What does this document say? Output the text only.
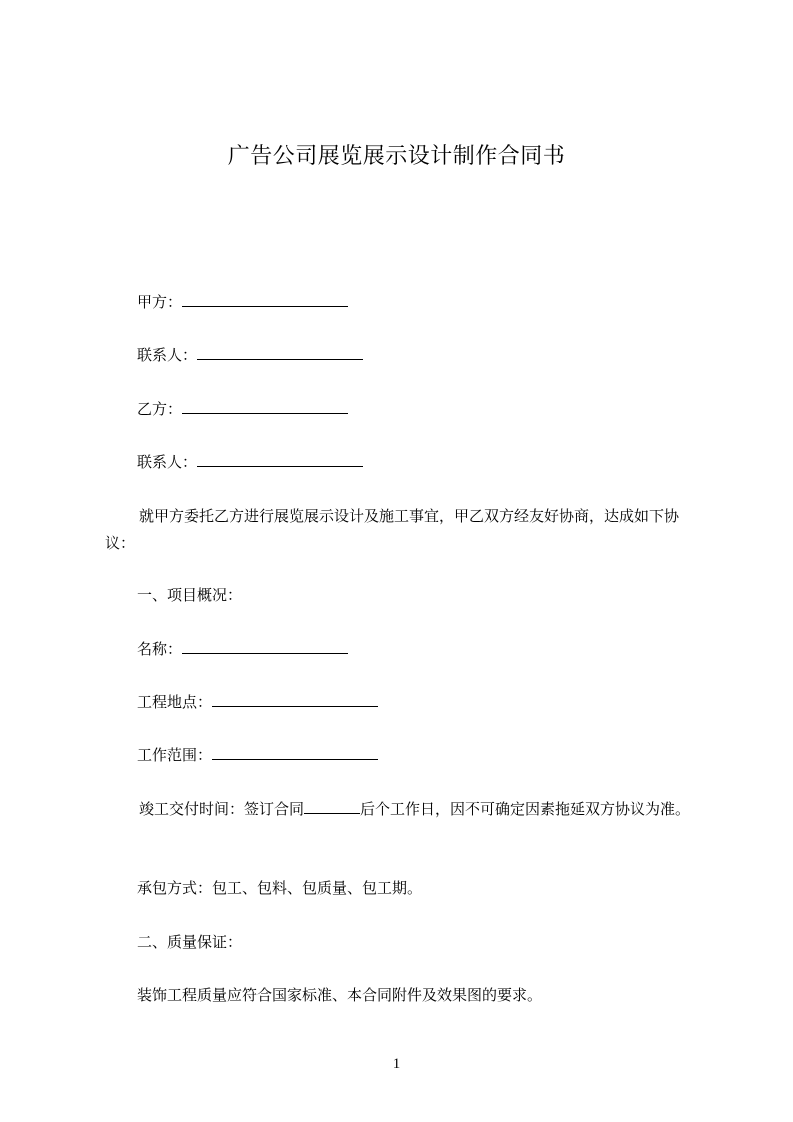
广告公司展览展示设计制作合同书
甲方：
联系人：
乙方：
联系人：
就甲方委托乙方进行展览展示设计及施工事宜，甲乙双方经友好协商，达成如下协议：
一、项目概况：
名称：
工程地点：
工作范围：
竣工交付时间：签订合同	后个工作日，因不可确定因素拖延双方协议为准。
承包方式：包工、包料、包质量、包工期。
二、质量保证：
装饰工程质量应符合国家标准、本合同附件及效果图的要求。
1
